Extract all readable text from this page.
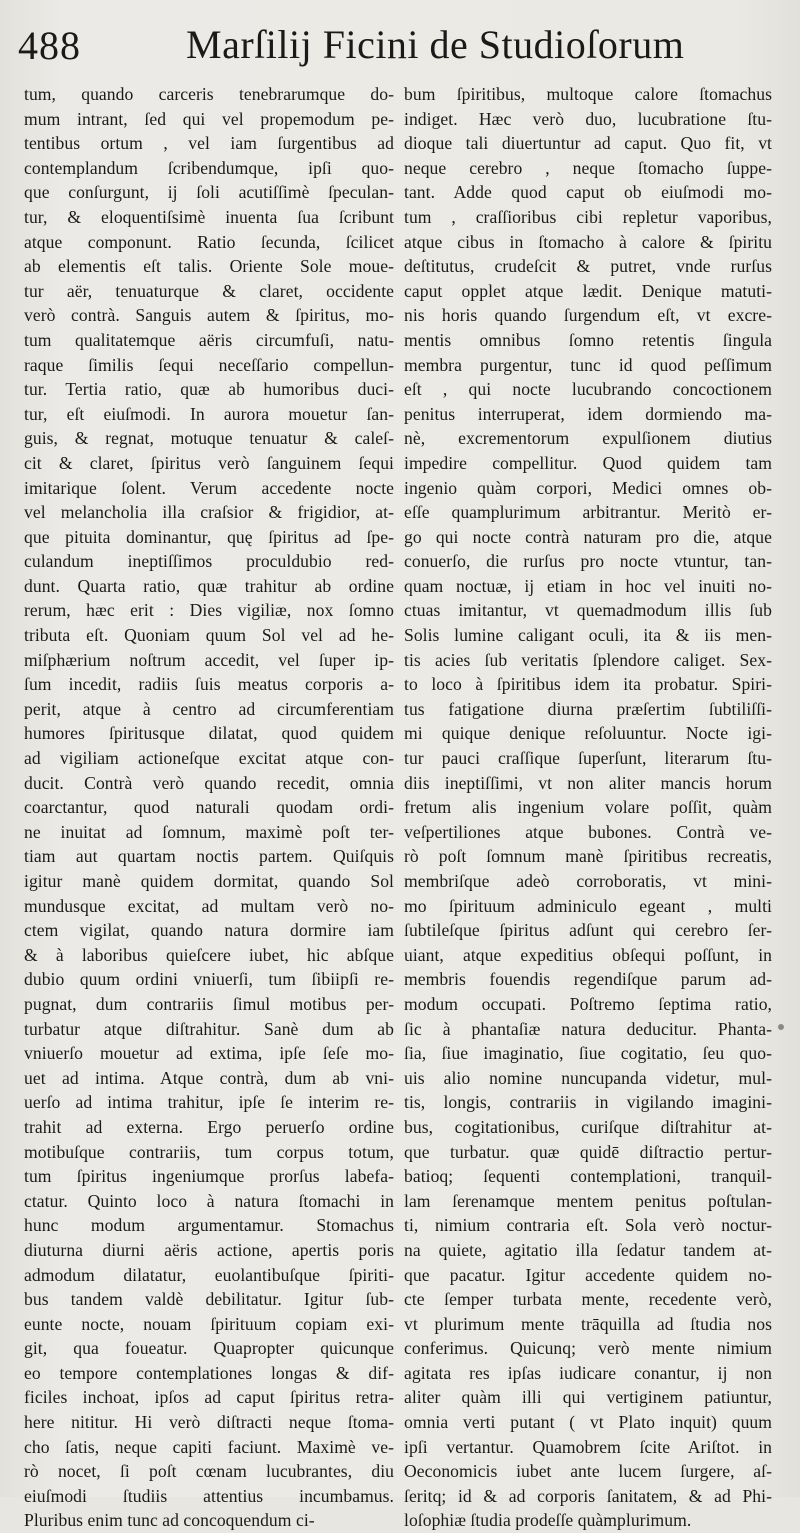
488	Marſilij Ficini de Studioſorum
tum, quando carceris tenebrarumque do-
mum intrant, ſed qui vel propemodum pe-
tentibus ortum , vel iam ſurgentibus ad
contemplandum ſcribendumque, ipſi quo-
que conſurgunt, ij ſoli acutiſſimè ſpeculan-
tur, & eloquentiſsimè inuenta ſua ſcribunt
atque componunt. Ratio ſecunda, ſcilicet
ab elementis eſt talis. Oriente Sole moue-
tur aër, tenuaturque & claret, occidente
verò contrà. Sanguis autem & ſpiritus, mo-
tum qualitatemque aëris circumfuſi, natu-
raque ſimilis ſequi neceſſario compellun-
tur. Tertia ratio, quæ ab humoribus duci-
tur, eſt eiuſmodi. In aurora mouetur ſan-
guis, & regnat, motuque tenuatur & caleſ-
cit & claret, ſpiritus verò ſanguinem ſequi
imitarique ſolent. Verum accedente nocte
vel melancholia illa craſsior & frigidior, at-
que pituita dominantur, quę ſpiritus ad ſpe-
culandum ineptiſſimos proculdubio red-
dunt. Quarta ratio, quæ trahitur ab ordine
rerum, hæc erit : Dies vigiliæ, nox ſomno
tributa eſt. Quoniam quum Sol vel ad he-
miſphærium noſtrum accedit, vel ſuper ip-
ſum incedit, radiis ſuis meatus corporis a-
perit, atque à centro ad circumferentiam
humores ſpiritusque dilatat, quod quidem
ad vigiliam actioneſque excitat atque con-
ducit. Contrà verò quando recedit, omnia
coarctantur, quod naturali quodam ordi-
ne inuitat ad ſomnum, maximè poſt ter-
tiam aut quartam noctis partem. Quiſquis
igitur manè quidem dormitat, quando Sol
mundusque excitat, ad multam verò no-
ctem vigilat, quando natura dormire iam
& à laboribus quieſcere iubet, hic abſque
dubio quum ordini vniuerſi, tum ſibiipſi re-
pugnat, dum contrariis ſimul motibus per-
turbatur atque diſtrahitur. Sanè dum ab
vniuerſo mouetur ad extima, ipſe ſeſe mo-
uet ad intima. Atque contrà, dum ab vni-
uerſo ad intima trahitur, ipſe ſe interim re-
trahit ad externa. Ergo peruerſo ordine
motibuſque contrariis, tum corpus totum,
tum ſpiritus ingeniumque prorſus labefa-
ctatur. Quinto loco à natura ſtomachi in
hunc modum argumentamur. Stomachus
diuturna diurni aëris actione, apertis poris
admodum dilatatur, euolantibuſque ſpiriti-
bus tandem valdè debilitatur. Igitur ſub-
eunte nocte, nouam ſpirituum copiam exi-
git, qua foueatur. Quapropter quicunque
eo tempore contemplationes longas & dif-
ficiles inchoat, ipſos ad caput ſpiritus retra-
here nititur. Hi verò diſtracti neque ſtoma-
cho ſatis, neque capiti faciunt. Maximè ve-
rò nocet, ſi poſt cœnam lucubrantes, diu
eiuſmodi ſtudiis attentius incumbamus.
Pluribus enim tunc ad concoquendum ci-
bum ſpiritibus, multoque calore ſtomachus
indiget. Hæc verò duo, lucubratione ſtu-
dioque tali diuertuntur ad caput. Quo fit, vt
neque cerebro , neque ſtomacho ſuppe-
tant. Adde quod caput ob eiuſmodi mo-
tum , craſſioribus cibi repletur vaporibus,
atque cibus in ſtomacho à calore & ſpiritu
deſtitutus, crudeſcit & putret, vnde rurſus
caput opplet atque lædit. Denique matuti-
nis horis quando ſurgendum eſt, vt excre-
mentis omnibus ſomno retentis ſingula
membra purgentur, tunc id quod peſſimum
eſt , qui nocte lucubrando concoctionem
penitus interruperat, idem dormiendo ma-
nè, excrementorum expulſionem diutius
impedire compellitur. Quod quidem tam
ingenio quàm corpori, Medici omnes ob-
eſſe quamplurimum arbitrantur. Meritò er-
go qui nocte contrà naturam pro die, atque
conuerſo, die rurſus pro nocte vtuntur, tan-
quam noctuæ, ij etiam in hoc vel inuiti no-
ctuas imitantur, vt quemadmodum illis ſub
Solis lumine caligant oculi, ita & iis men-
tis acies ſub veritatis ſplendore caliget. Sex-
to loco à ſpiritibus idem ita probatur. Spiri-
tus fatigatione diurna præſertim ſubtiliſſi-
mi quique denique reſoluuntur. Nocte igi-
tur pauci craſſique ſuperſunt, literarum ſtu-
diis ineptiſſimi, vt non aliter mancis horum
fretum alis ingenium volare poſſit, quàm
veſpertiliones atque bubones. Contrà ve-
rò poſt ſomnum manè ſpiritibus recreatis,
membriſque adeò corroboratis, vt mini-
mo ſpirituum adminiculo egeant , multi
ſubtileſque ſpiritus adſunt qui cerebro ſer-
uiant, atque expeditius obſequi poſſunt, in
membris fouendis regendiſque parum ad-
modum occupati. Poſtremo ſeptima ratio,
ſic à phantaſiæ natura deducitur. Phanta-
ſia, ſiue imaginatio, ſiue cogitatio, ſeu quo-
uis alio nomine nuncupanda videtur, mul-
tis, longis, contrariis in vigilando imagini-
bus, cogitationibus, curiſque diſtrahitur at-
que turbatur. quæ quidē diſtractio pertur-
batioq; ſequenti contemplationi, tranquil-
lam ſerenamque mentem penitus poſtulan-
ti, nimium contraria eſt. Sola verò noctur-
na quiete, agitatio illa ſedatur tandem at-
que pacatur. Igitur accedente quidem no-
cte ſemper turbata mente, recedente verò,
vt plurimum mente trāquilla ad ſtudia nos
conferimus. Quicunq; verò mente nimium
agitata res ipſas iudicare conantur, ij non
aliter quàm illi qui vertiginem patiuntur,
omnia verti putant ( vt Plato inquit) quum
ipſi vertantur. Quamobrem ſcite Ariſtot. in
Oeconomicis iubet ante lucem ſurgere, aſ-
ſeritq; id & ad corporis ſanitatem, & ad Phi-
loſophiæ ſtudia prodeſſe quàmplurimum.
